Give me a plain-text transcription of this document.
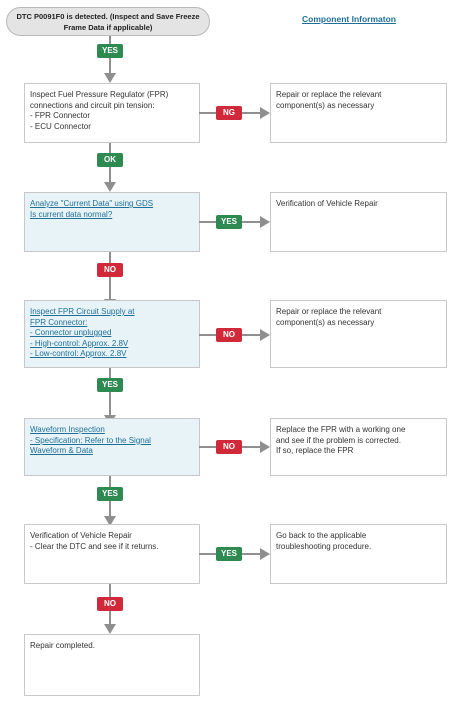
DTC P0091F0 is detected. (Inspect and Save Freeze Frame Data if applicable)
Component Informaton
YES
Inspect Fuel Pressure Regulator (FPR)
connections and circuit pin tension:
- FPR Connector
- ECU Connector
NG
Repair or replace the relevant
component(s) as necessary
OK
Analyze "Current Data" using GDS
Is current data normal?
YES
Verification of Vehicle Repair
NO
Inspect FPR Circuit Supply at
FPR Connector:
- Connector unplugged
- High-control: Approx. 2.8V
- Low-control: Approx. 2.8V
NO
Repair or replace the relevant
component(s) as necessary
YES
Waveform Inspection
- Specification: Refer to the Signal
Waveform & Data	NO
Replace the FPR with a working one
and see if the problem is corrected.
If so, replace the FPR
YES
Verification of Vehicle Repair
- Clear the DTC and see if it returns.
YES
Go back to the applicable
troubleshooting procedure.
NO
Repair completed.
